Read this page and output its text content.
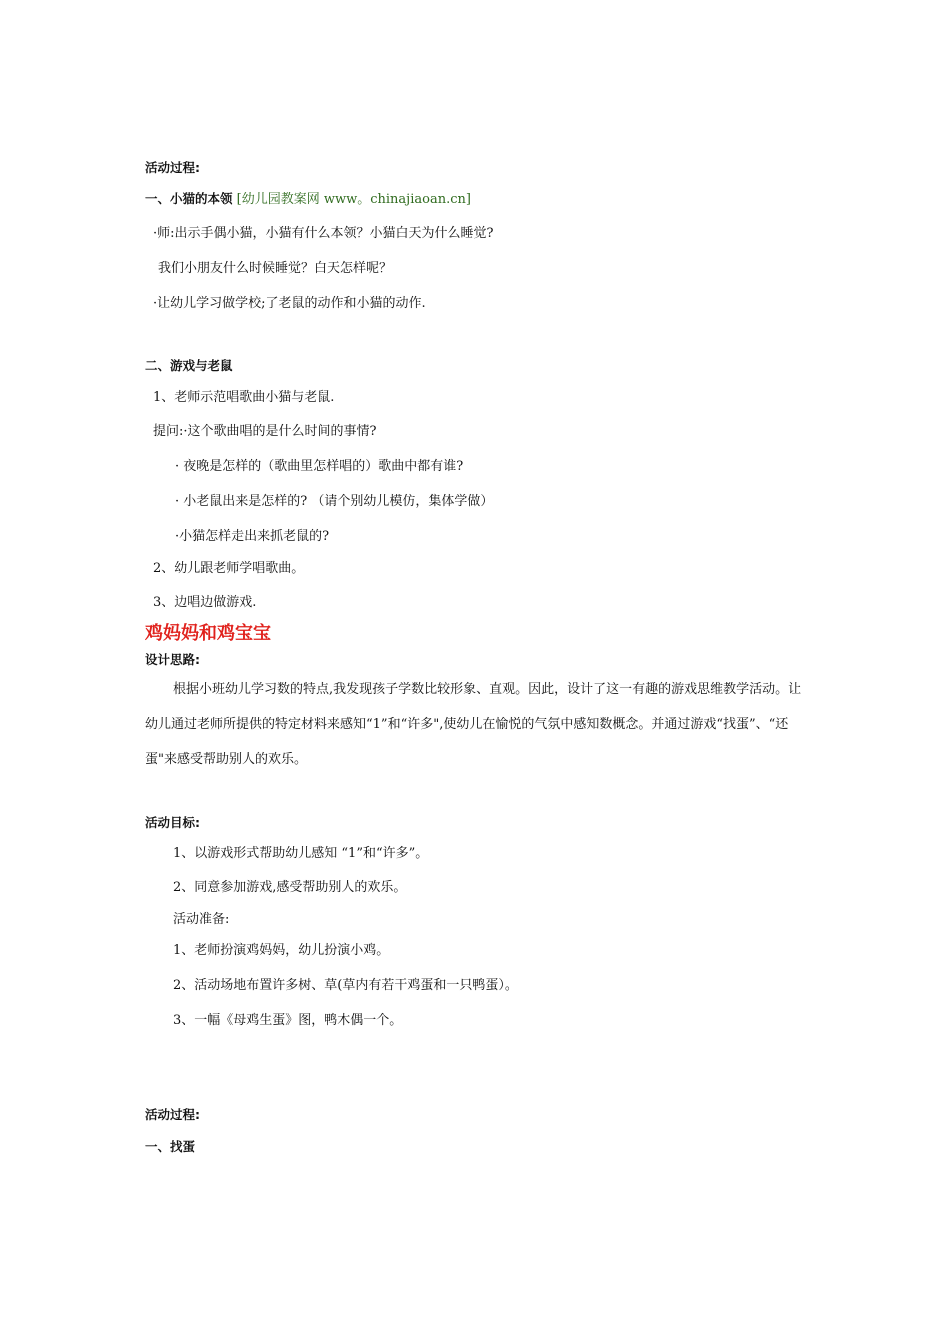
活动过程:
一、小猫的本领 [幼儿园教案网 www。chinajiaoan.cn]
·师:出示手偶小猫，小猫有什么本领？小猫白天为什么睡觉?
我们小朋友什么时候睡觉？白天怎样呢？
·让幼儿学习做学校;了老鼠的动作和小猫的动作.
二、游戏与老鼠
1、老师示范唱歌曲小猫与老鼠.
提问:·这个歌曲唱的是什么时间的事情?
· 夜晚是怎样的（歌曲里怎样唱的）歌曲中都有谁?
· 小老鼠出来是怎样的? （请个别幼儿模仿，集体学做）
·小猫怎样走出来抓老鼠的?
2、幼儿跟老师学唱歌曲。
3、边唱边做游戏.
鸡妈妈和鸡宝宝
设计思路:
根据小班幼儿学习数的特点,我发现孩子学数比较形象、直观。因此，设计了这一有趣的游戏思维教学活动。让幼儿通过老师所提供的特定材料来感知“1”和“许多",使幼儿在愉悦的气氛中感知数概念。并通过游戏“找蛋”、“还蛋"来感受帮助别人的欢乐。
活动目标:
1、以游戏形式帮助幼儿感知 “1”和“许多”。
2、同意参加游戏,感受帮助别人的欢乐。
活动准备:
1、老师扮演鸡妈妈，幼儿扮演小鸡。
2、活动场地布置许多树、草(草内有若干鸡蛋和一只鸭蛋）。
3、一幅《母鸡生蛋》图，鸭木偶一个。
活动过程:
一、找蛋
